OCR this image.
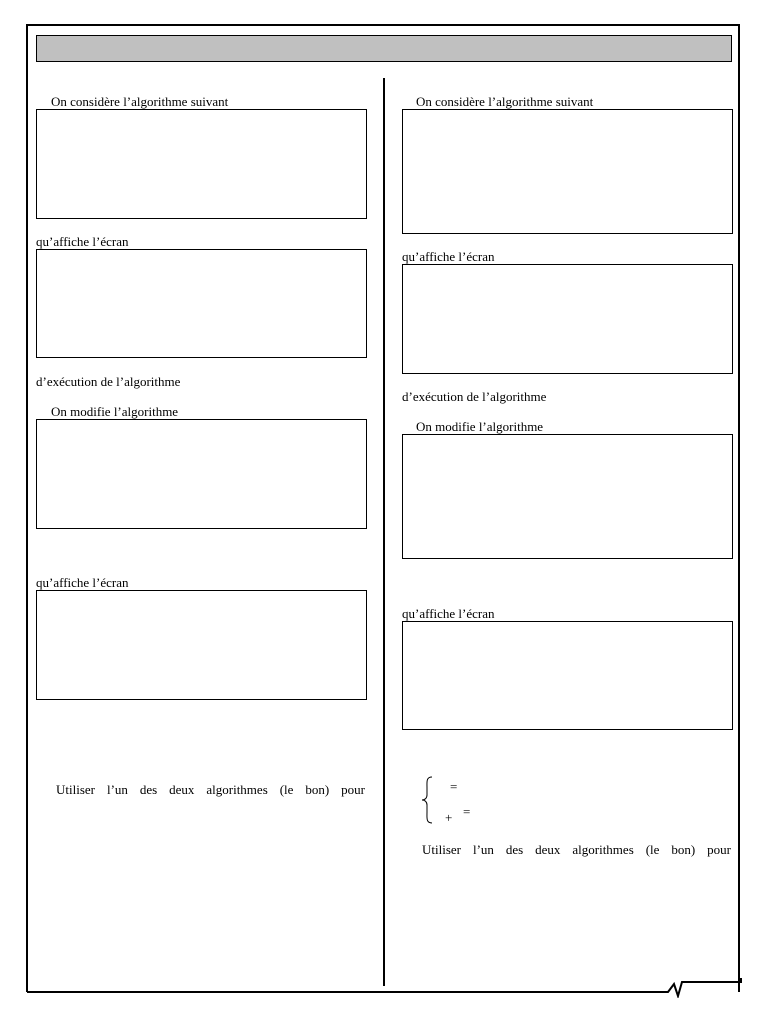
On considère l’algorithme suivant
qu’affiche l’écran
d’exécution de l’algorithme
On modifie l’algorithme
qu’affiche l’écran
Utiliser l’un des deux algorithmes (le bon) pour
On considère l’algorithme suivant
qu’affiche l’écran
d’exécution de l’algorithme
On modifie l’algorithme
qu’affiche l’écran
=
+ =
Utiliser l’un des deux algorithmes (le bon) pour
